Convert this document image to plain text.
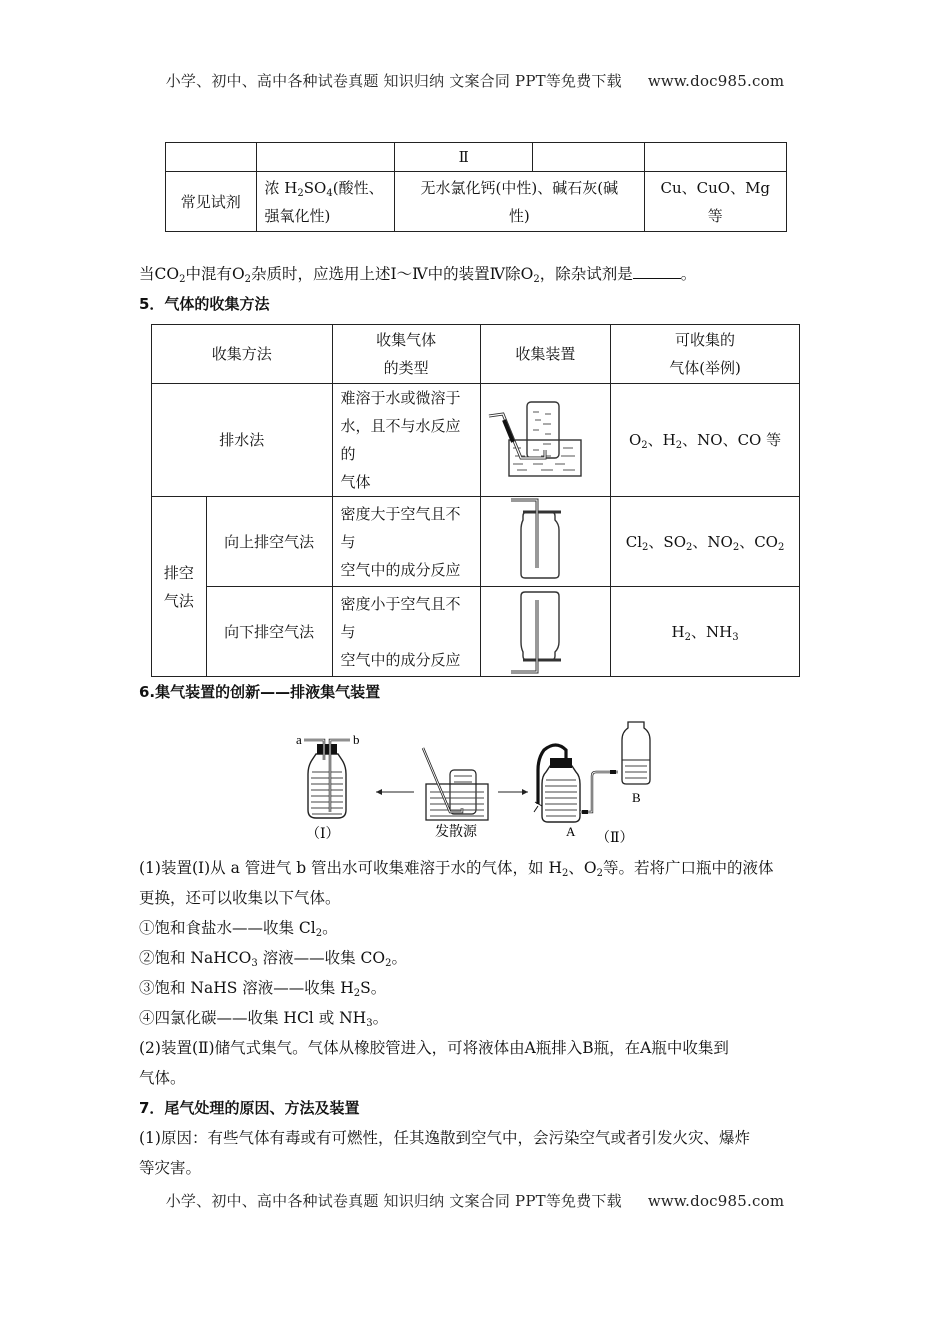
小学、初中、高中各种试卷真题 知识归纳 文案合同 PPT等免费下载 www.doc985.com
		Ⅱ		
常见试剂	浓 $H_2SO_4$(酸性、
强氧化性)	无水氯化钙(中性)、碱石灰(碱
性)		Cu、CuO、Mg
等
当$CO_2$中混有$O_2$杂质时，应选用上述Ⅰ～Ⅳ中的装置Ⅳ除$O_2$，除杂试剂是	。
5．气体的收集方法
收集方法		收集气体
的类型	收集装置	可收集的
气体(举例)
排水法		难溶于水或微溶于
水，且不与水反应的
气体		$O_2$、$H_2$、NO、CO 等
排空
气法	向上排空气法	密度大于空气且不与
空气中的成分反应		$Cl_2$、$SO_2$、$NO_2$、$CO_2$
	向下排空气法	密度小于空气且不与
空气中的成分反应		$H_2$、$NH_3$
6.集气装置的创新——排液集气装置
a	b
（Ⅰ）	发散源
B
A （Ⅱ）
(1)装置(Ⅰ)从 a 管进气 b 管出水可收集难溶于水的气体，如 $H_2$、$O_2$等。若将广口瓶中的液体
更换，还可以收集以下气体。
①饱和食盐水——收集 $Cl_2$。
②饱和 NaHCO$_3$ 溶液——收集 $CO_2$。
③饱和 NaHS 溶液——收集 $H_2S$。
④四氯化碳——收集 HCl 或 $NH_3$。
(2)装置(Ⅱ)储气式集气。气体从橡胶管进入，可将液体由A瓶排入B瓶，在A瓶中收集到
气体。
7．尾气处理的原因、方法及装置
(1)原因：有些气体有毒或有可燃性，任其逸散到空气中，会污染空气或者引发火灾、爆炸
等灾害。
小学、初中、高中各种试卷真题 知识归纳 文案合同 PPT等免费下载 www.doc985.com
